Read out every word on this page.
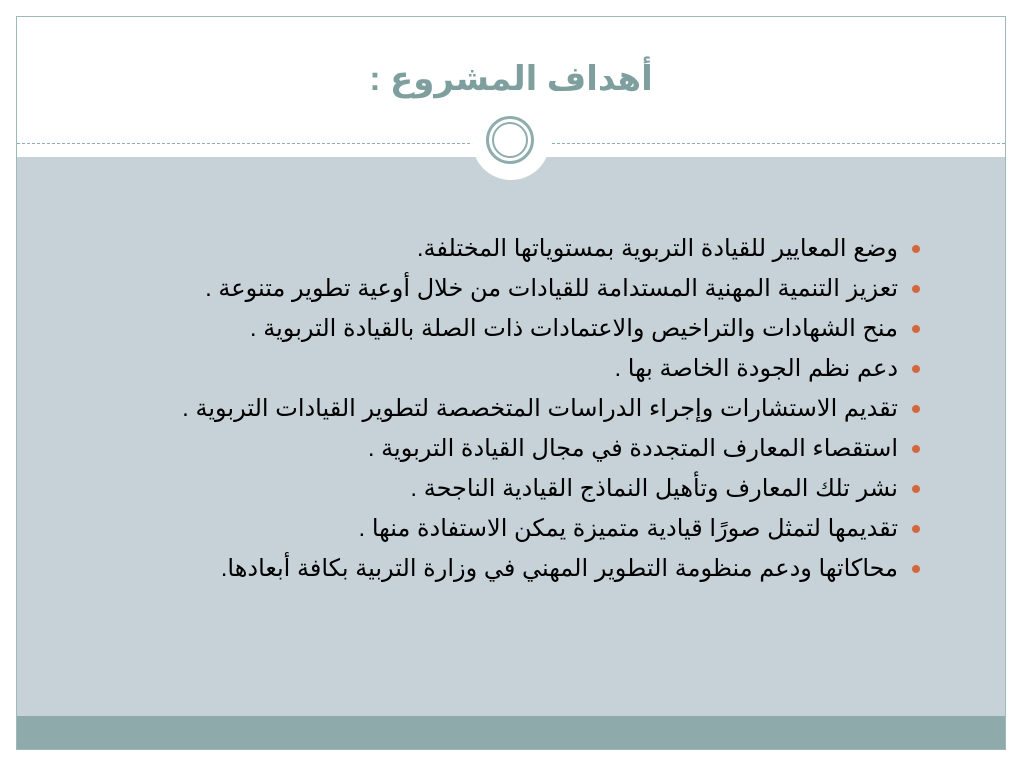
أهداف المشروع :
وضع المعايير للقيادة التربوية بمستوياتها المختلفة.
تعزيز التنمية المهنية المستدامة للقيادات من خلال أوعية تطوير متنوعة .
منح الشهادات والتراخيص والاعتمادات ذات الصلة بالقيادة التربوية .
دعم نظم الجودة الخاصة بها .
تقديم الاستشارات وإجراء الدراسات المتخصصة لتطوير القيادات التربوية .
استقصاء المعارف المتجددة في مجال القيادة التربوية .
نشر تلك المعارف وتأهيل النماذج القيادية الناجحة .
تقديمها لتمثل صورًا قيادية متميزة يمكن الاستفادة منها .
محاكاتها ودعم منظومة التطوير المهني في وزارة التربية بكافة أبعادها.
